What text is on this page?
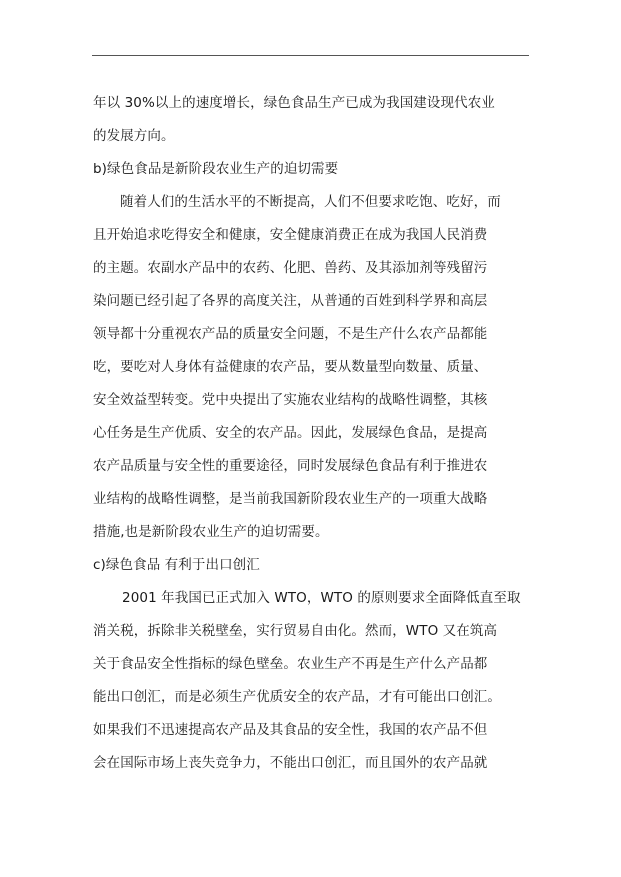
年以 30%以上的速度增长，绿色食品生产已成为我国建设现代农业
的发展方向。
b)绿色食品是新阶段农业生产的迫切需要
随着人们的生活水平的不断提高，人们不但要求吃饱、吃好，而
且开始追求吃得安全和健康，安全健康消费正在成为我国人民消费
的主题。农副水产品中的农药、化肥、兽药、及其添加剂等残留污
染问题已经引起了各界的高度关注，从普通的百姓到科学界和高层
领导都十分重视农产品的质量安全问题，不是生产什么农产品都能
吃，要吃对人身体有益健康的农产品，要从数量型向数量、质量、
安全效益型转变。党中央提出了实施农业结构的战略性调整，其核
心任务是生产优质、安全的农产品。因此，发展绿色食品，是提高
农产品质量与安全性的重要途径，同时发展绿色食品有利于推进农
业结构的战略性调整，是当前我国新阶段农业生产的一项重大战略
措施,也是新阶段农业生产的迫切需要。
c)绿色食品 有利于出口创汇
2001 年我国已正式加入 WTO，WTO 的原则要求全面降低直至取
消关税，拆除非关税壁垒，实行贸易自由化。然而，WTO 又在筑高
关于食品安全性指标的绿色壁垒。农业生产不再是生产什么产品都
能出口创汇，而是必须生产优质安全的农产品，才有可能出口创汇。
如果我们不迅速提高农产品及其食品的安全性，我国的农产品不但
会在国际市场上丧失竞争力，不能出口创汇，而且国外的农产品就
